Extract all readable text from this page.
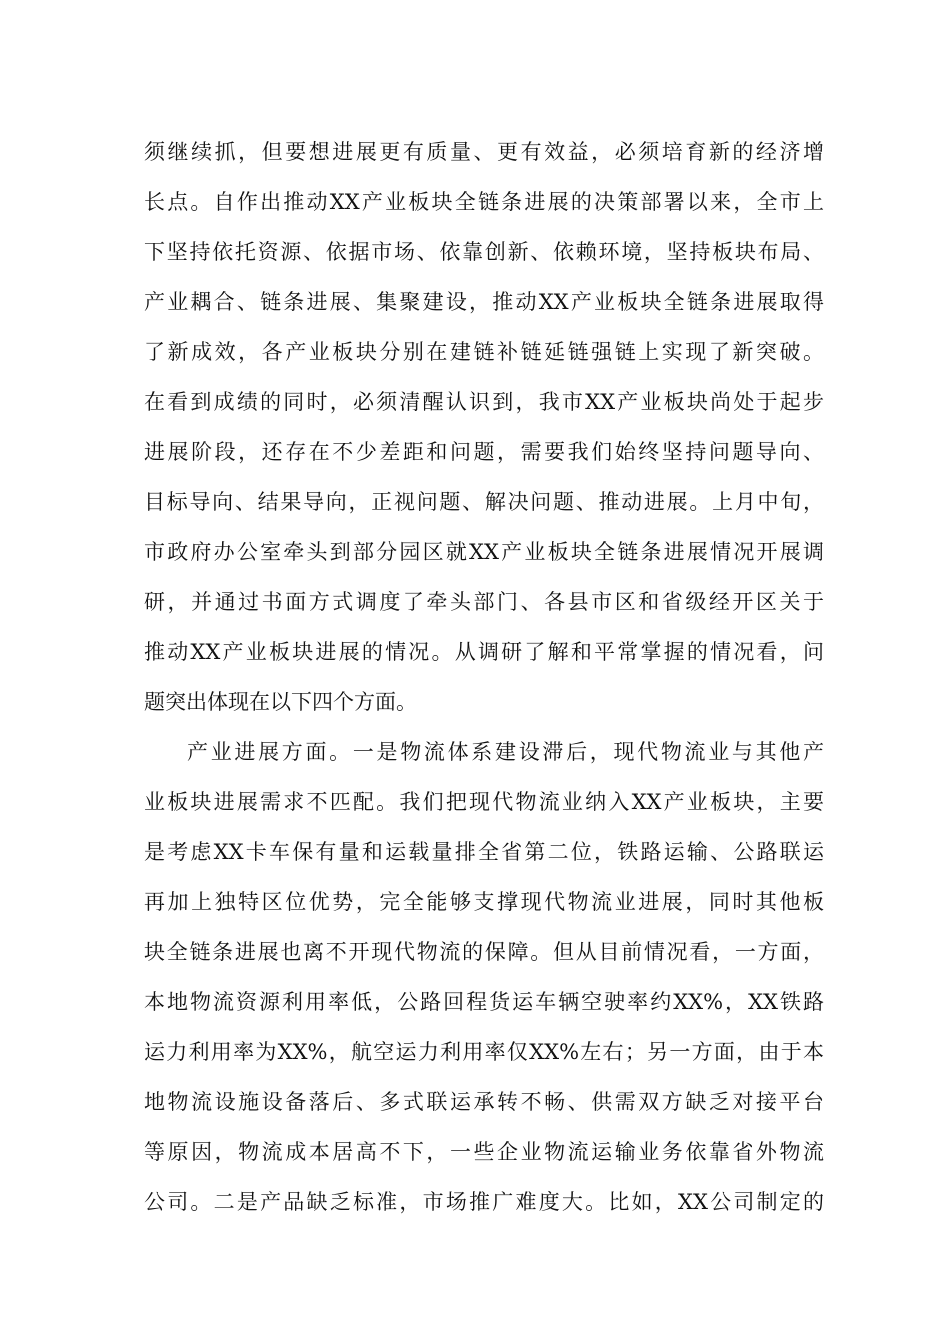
须继续抓，但要想进展更有质量、更有效益，必须培育新的经济增
长点。自作出推动XX产业板块全链条进展的决策部署以来，全市上
下坚持依托资源、依据市场、依靠创新、依赖环境，坚持板块布局、
产业耦合、链条进展、集聚建设，推动XX产业板块全链条进展取得
了新成效，各产业板块分别在建链补链延链强链上实现了新突破。
在看到成绩的同时，必须清醒认识到，我市XX产业板块尚处于起步
进展阶段，还存在不少差距和问题，需要我们始终坚持问题导向、
目标导向、结果导向，正视问题、解决问题、推动进展。上月中旬，
市政府办公室牵头到部分园区就XX产业板块全链条进展情况开展调
研，并通过书面方式调度了牵头部门、各县市区和省级经开区关于
推动XX产业板块进展的情况。从调研了解和平常掌握的情况看，问
题突出体现在以下四个方面。
产业进展方面。一是物流体系建设滞后，现代物流业与其他产
业板块进展需求不匹配。我们把现代物流业纳入XX产业板块，主要
是考虑XX卡车保有量和运载量排全省第二位，铁路运输、公路联运
再加上独特区位优势，完全能够支撑现代物流业进展，同时其他板
块全链条进展也离不开现代物流的保障。但从目前情况看，一方面，
本地物流资源利用率低，公路回程货运车辆空驶率约XX%，XX铁路
运力利用率为XX%，航空运力利用率仅XX%左右；另一方面，由于本
地物流设施设备落后、多式联运承转不畅、供需双方缺乏对接平台
等原因，物流成本居高不下，一些企业物流运输业务依靠省外物流
公司。二是产品缺乏标准，市场推广难度大。比如，XX公司制定的
